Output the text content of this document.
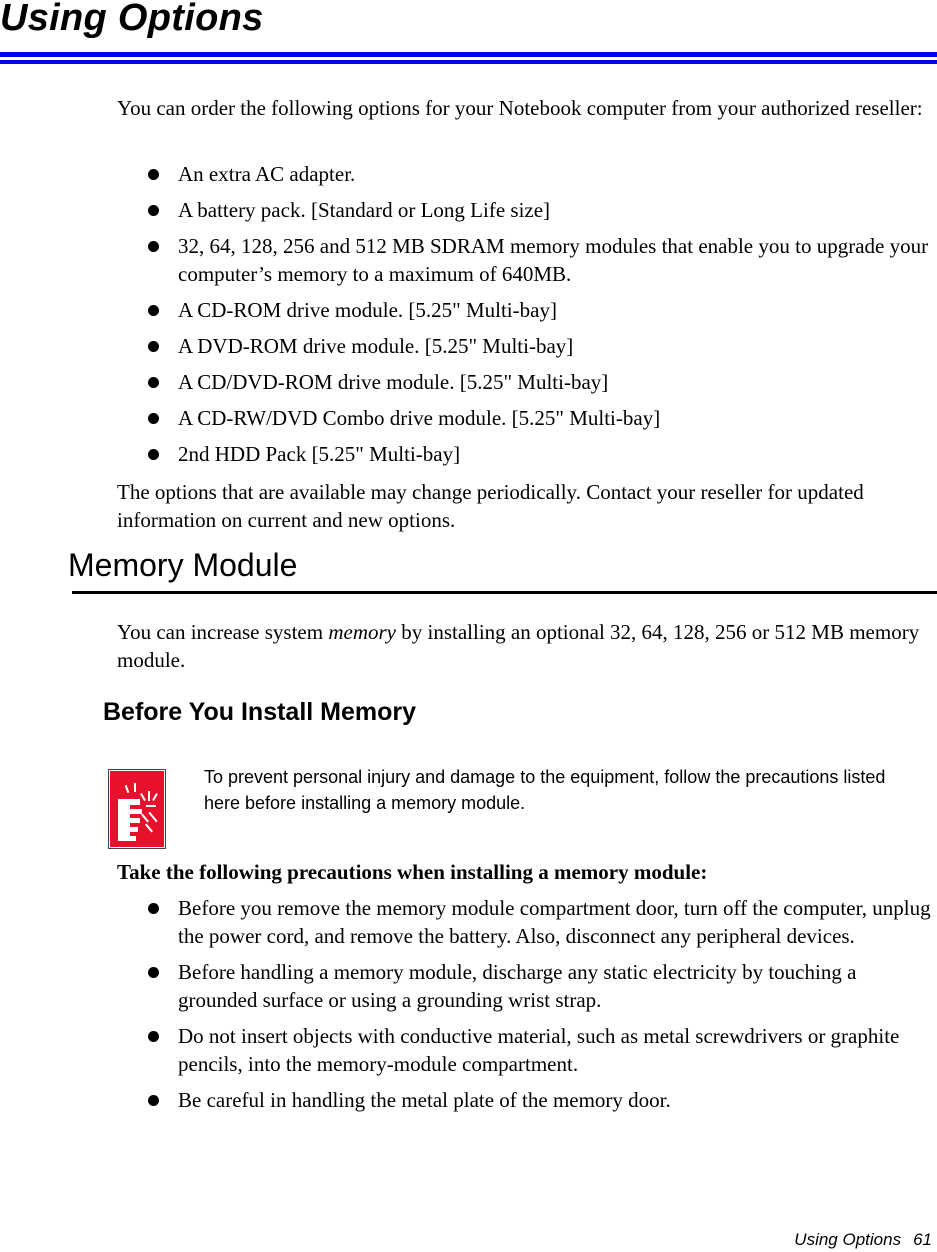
Using Options

You can order the following options for your Notebook computer from your authorized reseller:

An extra AC adapter.
A battery pack. [Standard or Long Life size]
32, 64, 128, 256 and 512 MB SDRAM memory modules that enable you to upgrade your computer’s memory to a maximum of 640MB.
A CD-ROM drive module. [5.25" Multi-bay]
A DVD-ROM drive module. [5.25" Multi-bay]
A CD/DVD-ROM drive module. [5.25" Multi-bay]
A CD-RW/DVD Combo drive module. [5.25" Multi-bay]
2nd HDD Pack [5.25" Multi-bay]

The options that are available may change periodically. Contact your reseller for updated information on current and new options.

Memory Module

You can increase system memory by installing an optional 32, 64, 128, 256 or 512 MB memory module.

Before You Install Memory

To prevent personal injury and damage to the equipment, follow the precautions listed here before installing a memory module.

Take the following precautions when installing a memory module:

Before you remove the memory module compartment door, turn off the computer, unplug the power cord, and remove the battery. Also, disconnect any peripheral devices.
Before handling a memory module, discharge any static electricity by touching a grounded surface or using a grounding wrist strap.
Do not insert objects with conductive material, such as metal screwdrivers or graphite pencils, into the memory-module compartment.
Be careful in handling the metal plate of the memory door.
Using Options 61
